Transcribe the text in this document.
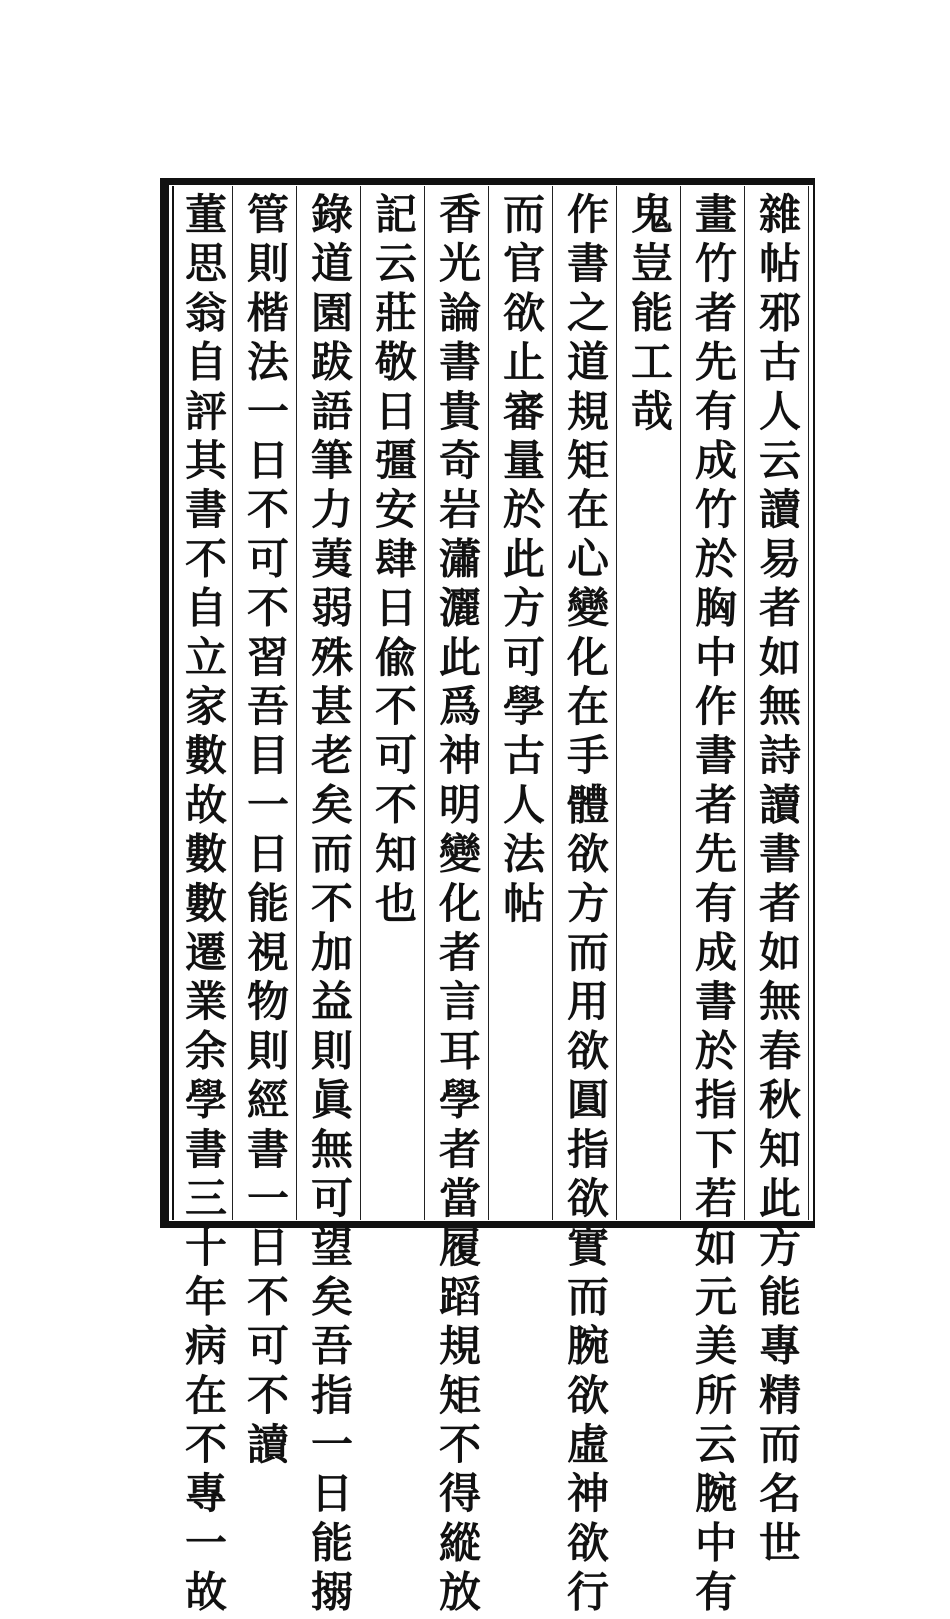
雜帖邪古人云讀易者如無詩讀書者如無春秋知此方能專精而名世
畫竹者先有成竹於胸中作書者先有成書於指下若如元美所云腕中有
鬼豈能工哉
作書之道規矩在心變化在手體欲方而用欲圓指欲實而腕欲虛神欲行
而官欲止審量於此方可學古人法帖
香光論書貴奇岩瀟灑此爲神明變化者言耳學者當履蹈規矩不得縱放
記云莊敬日彊安肆日偸不可不知也
錄道園跋語筆力荑弱殊甚老矣而不加益則眞無可望矣吾指一日能搦
管則楷法一日不可不習吾目一日能視物則經書一日不可不讀
董思翁自評其書不自立家數故數數遷業余學書三十年病在不專一故
